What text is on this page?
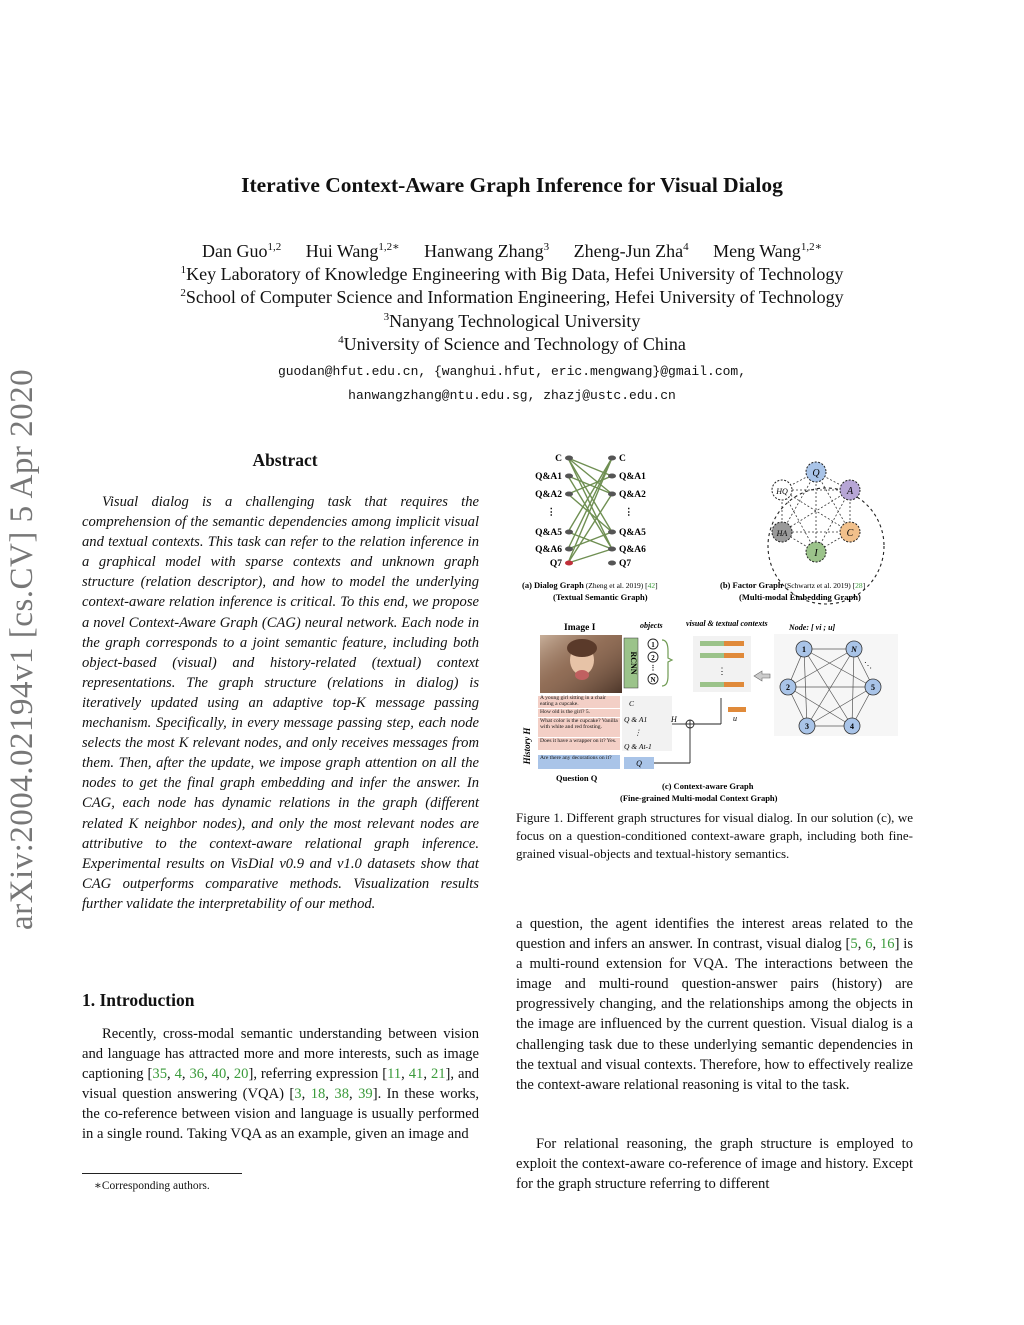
Iterative Context-Aware Graph Inference for Visual Dialog
Dan Guo$^{1,2}$ Hui Wang$^{1,2∗}$ Hanwang Zhang$^3$ Zheng-Jun Zha$^4$ Meng Wang$^{1,2∗}$
$^1$Key Laboratory of Knowledge Engineering with Big Data, Hefei University of Technology
$^2$School of Computer Science and Information Engineering, Hefei University of Technology
$^3$Nanyang Technological University
$^4$University of Science and Technology of China
guodan@hfut.edu.cn, {wanghui.hfut, eric.mengwang}@gmail.com,
hanwangzhang@ntu.edu.sg, zhazj@ustc.edu.cn
arXiv:2004.02194v1 [cs.CV] 5 Apr 2020	Abstract
Visual dialog is a challenging task that requires the comprehension of the semantic dependencies among implicit visual and textual contexts. This task can refer to the relation inference in a graphical model with sparse contexts and unknown graph structure (relation descriptor), and how to model the underlying context-aware relation inference is critical. To this end, we propose a novel Context-Aware Graph (CAG) neural network. Each node in the graph corresponds to a joint semantic feature, including both object-based (visual) and history-related (textual) context representations. The graph structure (relations in dialog) is iteratively updated using an adaptive top-K message passing mechanism. Specifically, in every message passing step, each node selects the most K relevant nodes, and only receives messages from them. Then, after the update, we impose graph attention on all the nodes to get the final graph embedding and infer the answer. In CAG, each node has dynamic relations in the graph (different related K neighbor nodes), and only the most relevant nodes are attributive to the context-aware relational graph inference. Experimental results on VisDial v0.9 and v1.0 datasets show that CAG outperforms comparative methods. Visualization results further validate the interpretability of our method.
1. Introduction
Recently, cross-modal semantic understanding between vision and language has attracted more and more interests, such as image captioning [35, 4, 36, 40, 20], referring expression [11, 41, 21], and visual question answering (VQA) [3, 18, 38, 39]. In these works, the co-reference between vision and language is usually performed in a single round. Taking VQA as an example, given an image and
∗Corresponding authors.
C
Q&A1
Q&A2
⋮
Q&A5
Q&A6
Q7
C
Q&A1
Q&A2
⋮
Q&A5
Q&A6
Q7
(a) Dialog Graph (Zheng et al. 2019) [42]
(Textual Semantic Graph)
Q
A
C
I
HA
HQ
(b) Factor Graph (Schwartz et al. 2019) [28]
(Multi-modal Embedding Graph)
Image I
RCNN
objects
1
2
N
⋮
visual & textual contexts
⋮
Node: [ vi ; u]
1	N
2	5
3	4
⋱
History H
A young girl sitting in a chair eating a cupcake.
How old is the girl? 5.
What color is the cupcake? Vanilla with white and red frosting.
Does it have a wrapper on it? Yes.
Are there any decorations on it?
Question Q
C
Q & A1
⋮
Q & At-1
Q
H	u
(c) Context-aware Graph
(Fine-grained Multi-modal Context Graph)
Figure 1. Different graph structures for visual dialog. In our solution (c), we focus on a question-conditioned context-aware graph, including both fine-grained visual-objects and textual-history semantics.
a question, the agent identifies the interest areas related to the question and infers an answer. In contrast, visual dialog [5, 6, 16] is a multi-round extension for VQA. The interactions between the image and multi-round question-answer pairs (history) are progressively changing, and the relationships among the objects in the image are influenced by the current question. Visual dialog is a challenging task due to these underlying semantic dependencies in the textual and visual contexts. Therefore, how to effectively realize the context-aware relational reasoning is vital to the task.
For relational reasoning, the graph structure is employed to exploit the context-aware co-reference of image and history. Except for the graph structure referring to different
